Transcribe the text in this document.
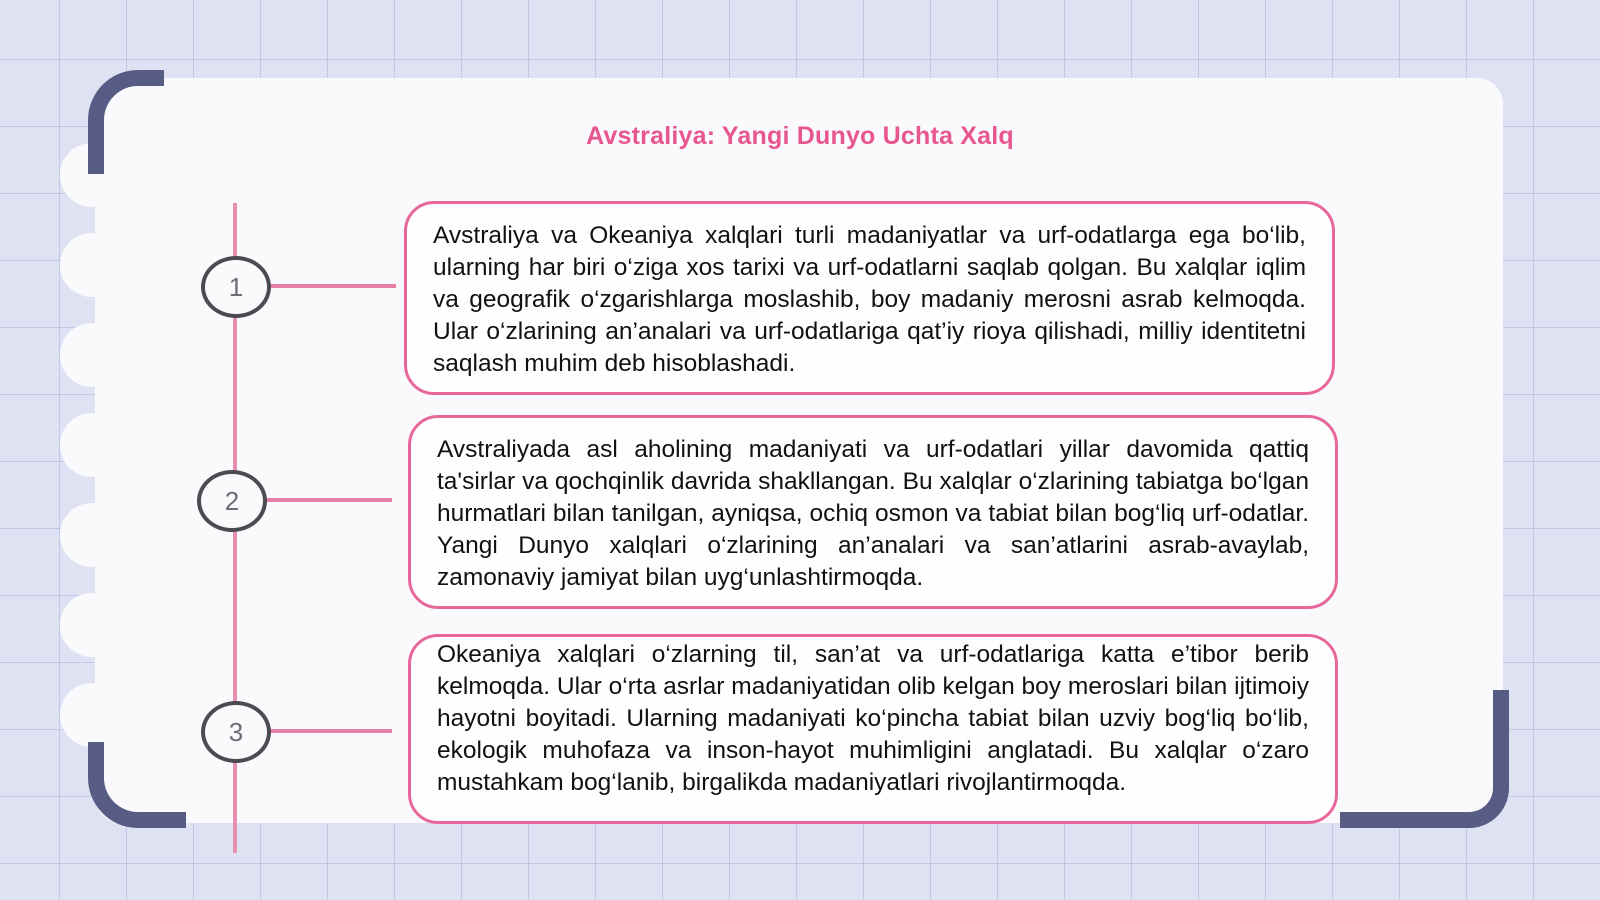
Avstraliya: Yangi Dunyo Uchta Xalq
1
Avstraliya va Okeaniya xalqlari turli madaniyatlar va urf-odatlarga ega bo‘lib, ularning har biri o‘ziga xos tarixi va urf-odatlarni saqlab qolgan. Bu xalqlar iqlim va geografik o‘zgarishlarga moslashib, boy madaniy merosni asrab kelmoqda. Ular o‘zlarining an’analari va urf-odatlariga qat’iy rioya qilishadi, milliy identitetni saqlash muhim deb hisoblashadi.
2
Avstraliyada asl aholining madaniyati va urf-odatlari yillar davomida qattiq ta'sirlar va qochqinlik davrida shakllangan. Bu xalqlar o‘zlarining tabiatga bo‘lgan hurmatlari bilan tanilgan, ayniqsa, ochiq osmon va tabiat bilan bog‘liq urf-odatlar. Yangi Dunyo xalqlari o‘zlarining an’analari va san’atlarini asrab-avaylab, zamonaviy jamiyat bilan uyg‘unlashtirmoqda.
3
Okeaniya xalqlari o‘zlarning til, san’at va urf-odatlariga katta e’tibor berib kelmoqda. Ular o‘rta asrlar madaniyatidan olib kelgan boy meroslari bilan ijtimoiy hayotni boyitadi. Ularning madaniyati ko‘pincha tabiat bilan uzviy bog‘liq bo‘lib, ekologik muhofaza va inson-hayot muhimligini anglatadi. Bu xalqlar o‘zaro mustahkam bog‘lanib, birgalikda madaniyatlari rivojlantirmoqda.
